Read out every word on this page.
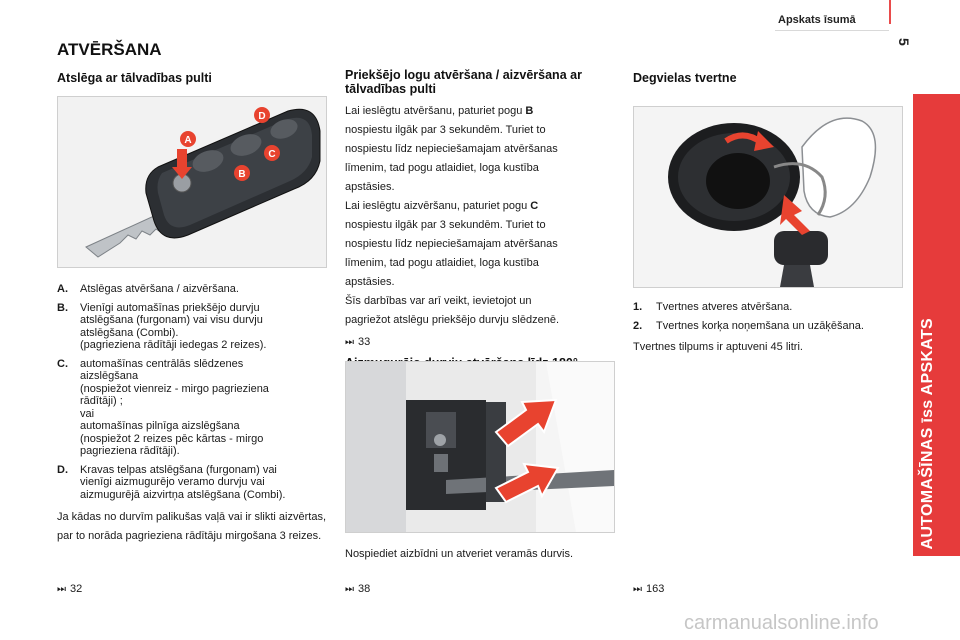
Apskats īsumā
5
AUTOMAŠĪNAS īss APSKATS
ATVĒRŠANA
Atslēga ar tālvadības pulti
A
B
C
D
A.	Atslēgas atvēršana / aizvēršana.
B.	Vienīgi automašīnas priekšējo durvju
atslēgšana (furgonam) vai visu durvju
atslēgšana (Combi).
(pagrieziena rādītāji iedegas 2 reizes).
C.	automašīnas centrālās slēdzenes
aizslēgšana
(nospiežot vienreiz - mirgo pagrieziena
rādītāji) ;
vai
automašīnas pilnīga aizslēgšana
(nospiežot 2 reizes pēc kārtas - mirgo
pagrieziena rādītāji).
D.	Kravas telpas atslēgšana (furgonam) vai
vienīgi aizmugurējo veramo durvju vai
aizmugurējā aizvirtņa atslēgšana (Combi).
Ja kādas no durvīm palikušas vaļā vai ir slikti aizvērtas, par to norāda pagrieziena rādītāju mirgošana 3 reizes.
⏭ 32
Priekšējo logu atvēršana / aizvēršana ar tālvadības pulti
Lai ieslēgtu atvēršanu, paturiet pogu B
nospiestu ilgāk par 3 sekundēm. Turiet to
nospiestu līdz nepieciešamajam atvēršanas
līmenim, tad pogu atlaidiet, loga kustība
apstāsies.
Lai ieslēgtu aizvēršanu, paturiet pogu C
nospiestu ilgāk par 3 sekundēm. Turiet to
nospiestu līdz nepieciešamajam atvēršanas
līmenim, tad pogu atlaidiet, loga kustība
apstāsies.
Šīs darbības var arī veikt, ievietojot un
pagriežot atslēgu priekšējo durvju slēdzenē.
⏭ 33
Nospiediet aizbīdni un atveriet veramās durvis.
⏭ 38
Degvielas tvertne
1.	Tvertnes atveres atvēršana.
2.	Tvertnes korķa noņemšana un uzāķēšana.
Tvertnes tilpums ir aptuveni 45 litri.
⏭ 163
carmanualsonline.info
